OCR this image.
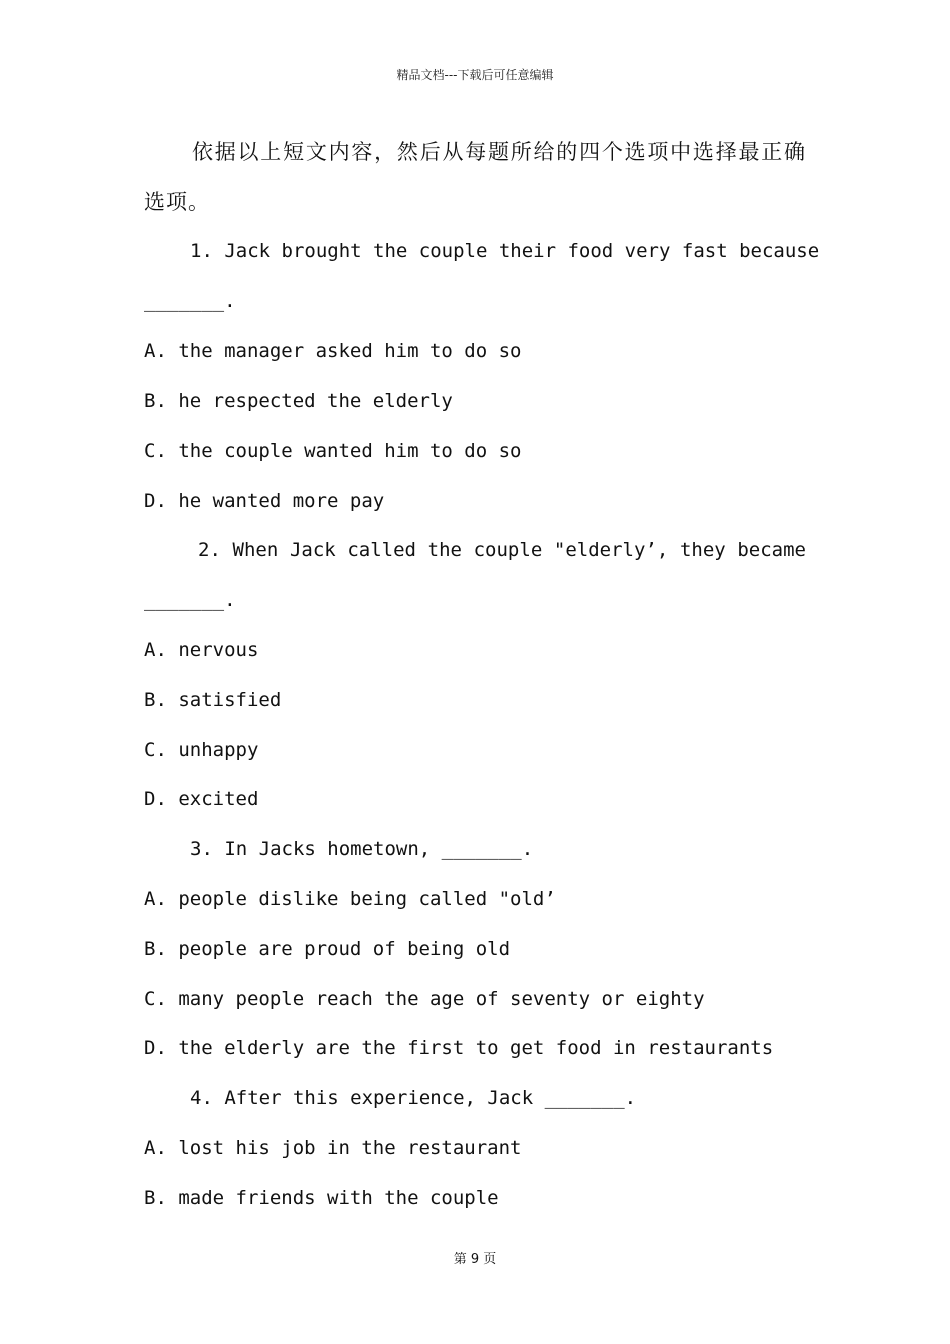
精品文档---下载后可任意编辑
依据以上短文内容，然后从每题所给的四个选项中选择最正确
选项。
1. Jack brought the couple their food very fast because
_______.
A. the manager asked him to do so
B. he respected the elderly
C. the couple wanted him to do so
D. he wanted more pay
2. When Jack called the couple "elderly’, they became
_______.
A. nervous
B. satisfied
C. unhappy
D. excited
3. In Jacks hometown, _______.
A. people dislike being called "old’
B. people are proud of being old
C. many people reach the age of seventy or eighty
D. the elderly are the first to get food in restaurants
4. After this experience, Jack _______.
A. lost his job in the restaurant
B. made friends with the couple
第 9 页
